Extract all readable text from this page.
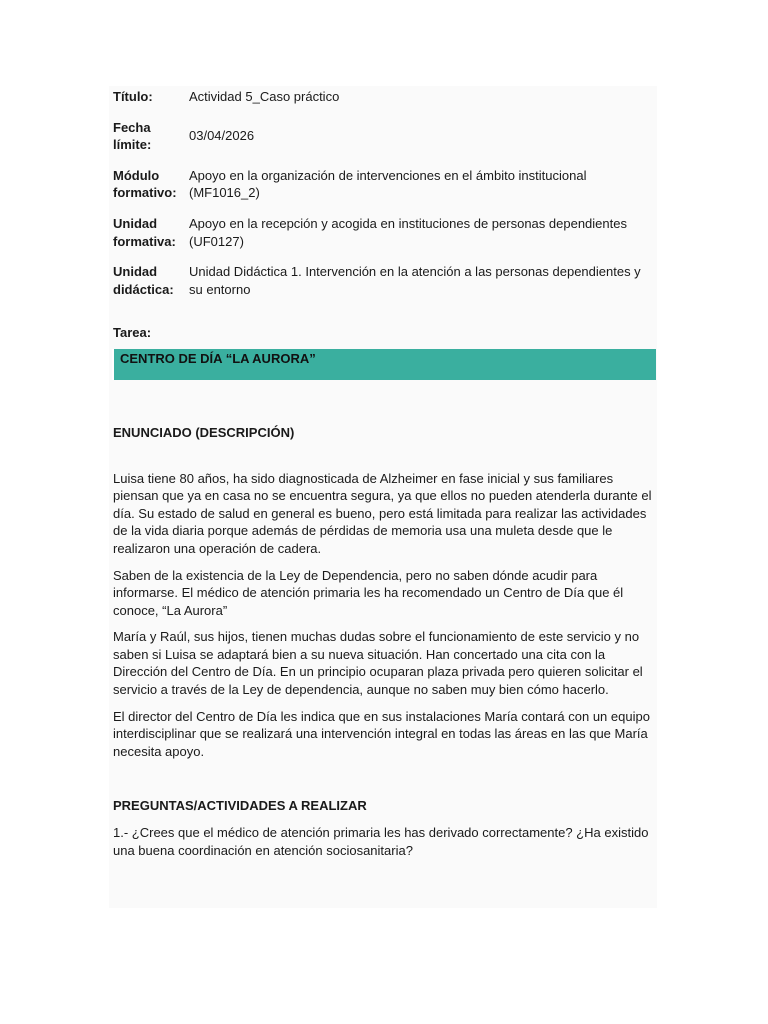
Título:	Actividad 5_Caso práctico
Fecha límite:
03/04/2026
Módulo formativo:
Apoyo en la organización de intervenciones en el ámbito institucional (MF1016_2)
Unidad formativa:
Apoyo en la recepción y acogida en instituciones de personas dependientes (UF0127)
Unidad didáctica:
Unidad Didáctica 1. Intervención en la atención a las personas dependientes y su entorno
Tarea:
CENTRO DE DÍA “LA AURORA”
ENUNCIADO (DESCRIPCIÓN)

Luisa tiene 80 años, ha sido diagnosticada de Alzheimer en fase inicial y sus familiares piensan que ya en casa no se encuentra segura, ya que ellos no pueden atenderla durante el día. Su estado de salud en general es bueno, pero está limitada para realizar las actividades de la vida diaria porque además de pérdidas de memoria usa una muleta desde que le realizaron una operación de cadera.

Saben de la existencia de la Ley de Dependencia, pero no saben dónde acudir para informarse. El médico de atención primaria les ha recomendado un Centro de Día que él conoce, “La Aurora”

María y Raúl, sus hijos, tienen muchas dudas sobre el funcionamiento de este servicio y no saben si Luisa se adaptará bien a su nueva situación. Han concertado una cita con la Dirección del Centro de Día. En un principio ocuparan plaza privada pero quieren solicitar el servicio a través de la Ley de dependencia, aunque no saben muy bien cómo hacerlo.

El director del Centro de Día les indica que en sus instalaciones María contará con un equipo interdisciplinar que se realizará una intervención integral en todas las áreas en las que María necesita apoyo.

PREGUNTAS/ACTIVIDADES A REALIZAR

1.- ¿Crees que el médico de atención primaria les has derivado correctamente? ¿Ha existido una buena coordinación en atención sociosanitaria?
